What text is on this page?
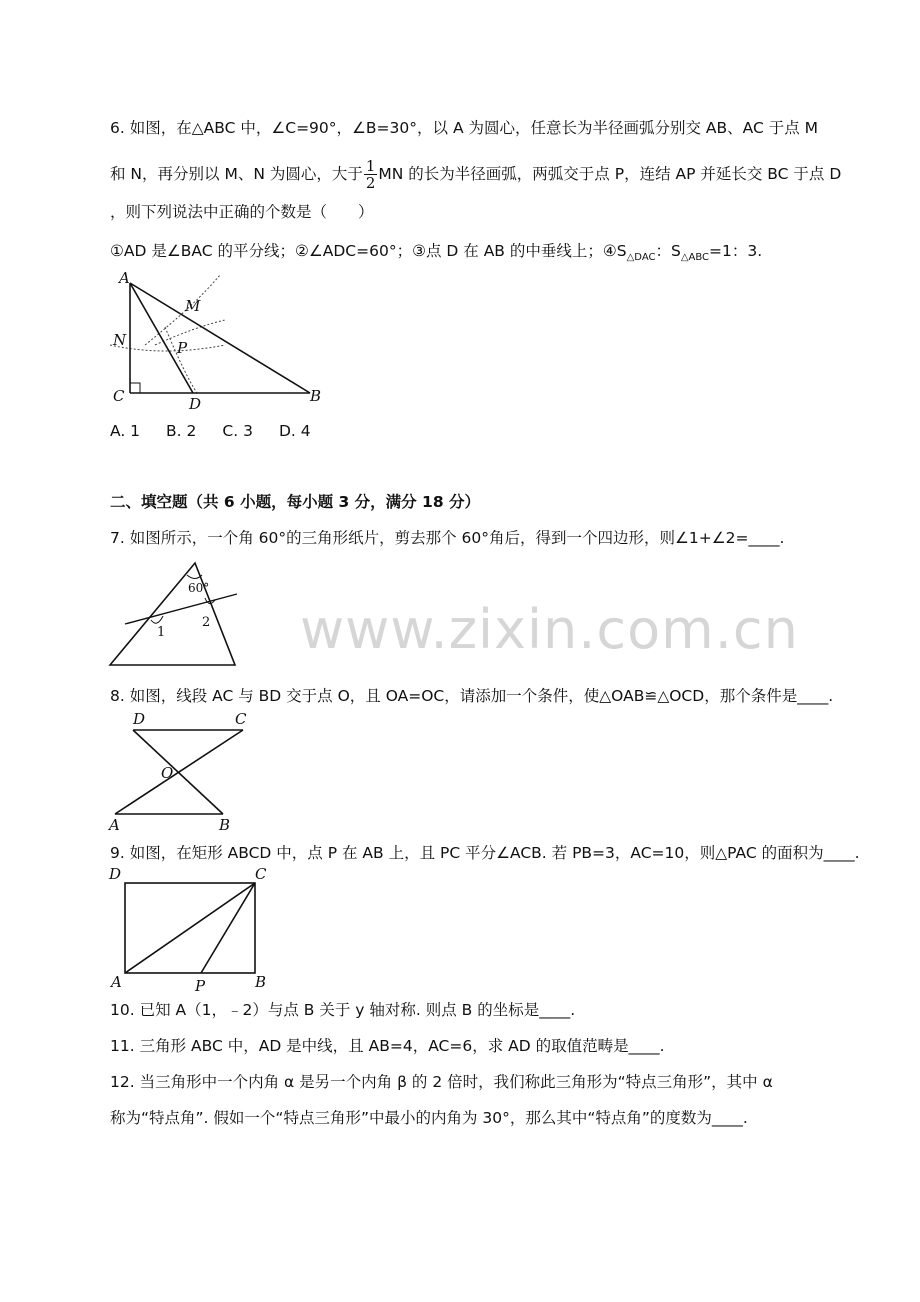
6. 如图，在△ABC 中，∠C=90°，∠B=30°，以 A 为圆心，任意长为半径画弧分别交 AB、AC 于点 M
和 N，再分别以 M、N 为圆心，大于 $\frac{1}{2}$ MN 的长为半径画弧，两弧交于点 P，连结 AP 并延长交 BC 于点 D
，则下列说法中正确的个数是（　　）
①AD 是∠BAC 的平分线；②∠ADC=60°；③点 D 在 AB 的中垂线上；$④S_{\triangle DAC}$：$S_{\triangle ABC}=1$：3.
A
M
N	P
C	D	B
A. 1 B. 2 C. 3 D. 4
二、填空题（共 6 小题，每小题 3 分，满分 18 分）
7. 如图所示，一个角 60°的三角形纸片，剪去那个 60°角后，得到一个四边形，则∠1+∠2=____.
60°
1
2 www.zixin.com.cn
8. 如图，线段 AC 与 BD 交于点 O，且 OA=OC，请添加一个条件，使△OAB≌△OCD，那个条件是____.
D	C
O
A	B
9. 如图，在矩形 ABCD 中，点 P 在 AB 上，且 PC 平分∠ACB. 若 PB=3，AC=10，则△PAC 的面积为____.
D	C
A	P	B
10. 已知 A（1，﹣2）与点 B 关于 y 轴对称. 则点 B 的坐标是____.
11. 三角形 ABC 中，AD 是中线，且 AB=4，AC=6，求 AD 的取值范畴是____.
12. 当三角形中一个内角 α 是另一个内角 β 的 2 倍时，我们称此三角形为“特点三角形”，其中 α
称为“特点角”. 假如一个“特点三角形”中最小的内角为 30°，那么其中“特点角”的度数为____.
